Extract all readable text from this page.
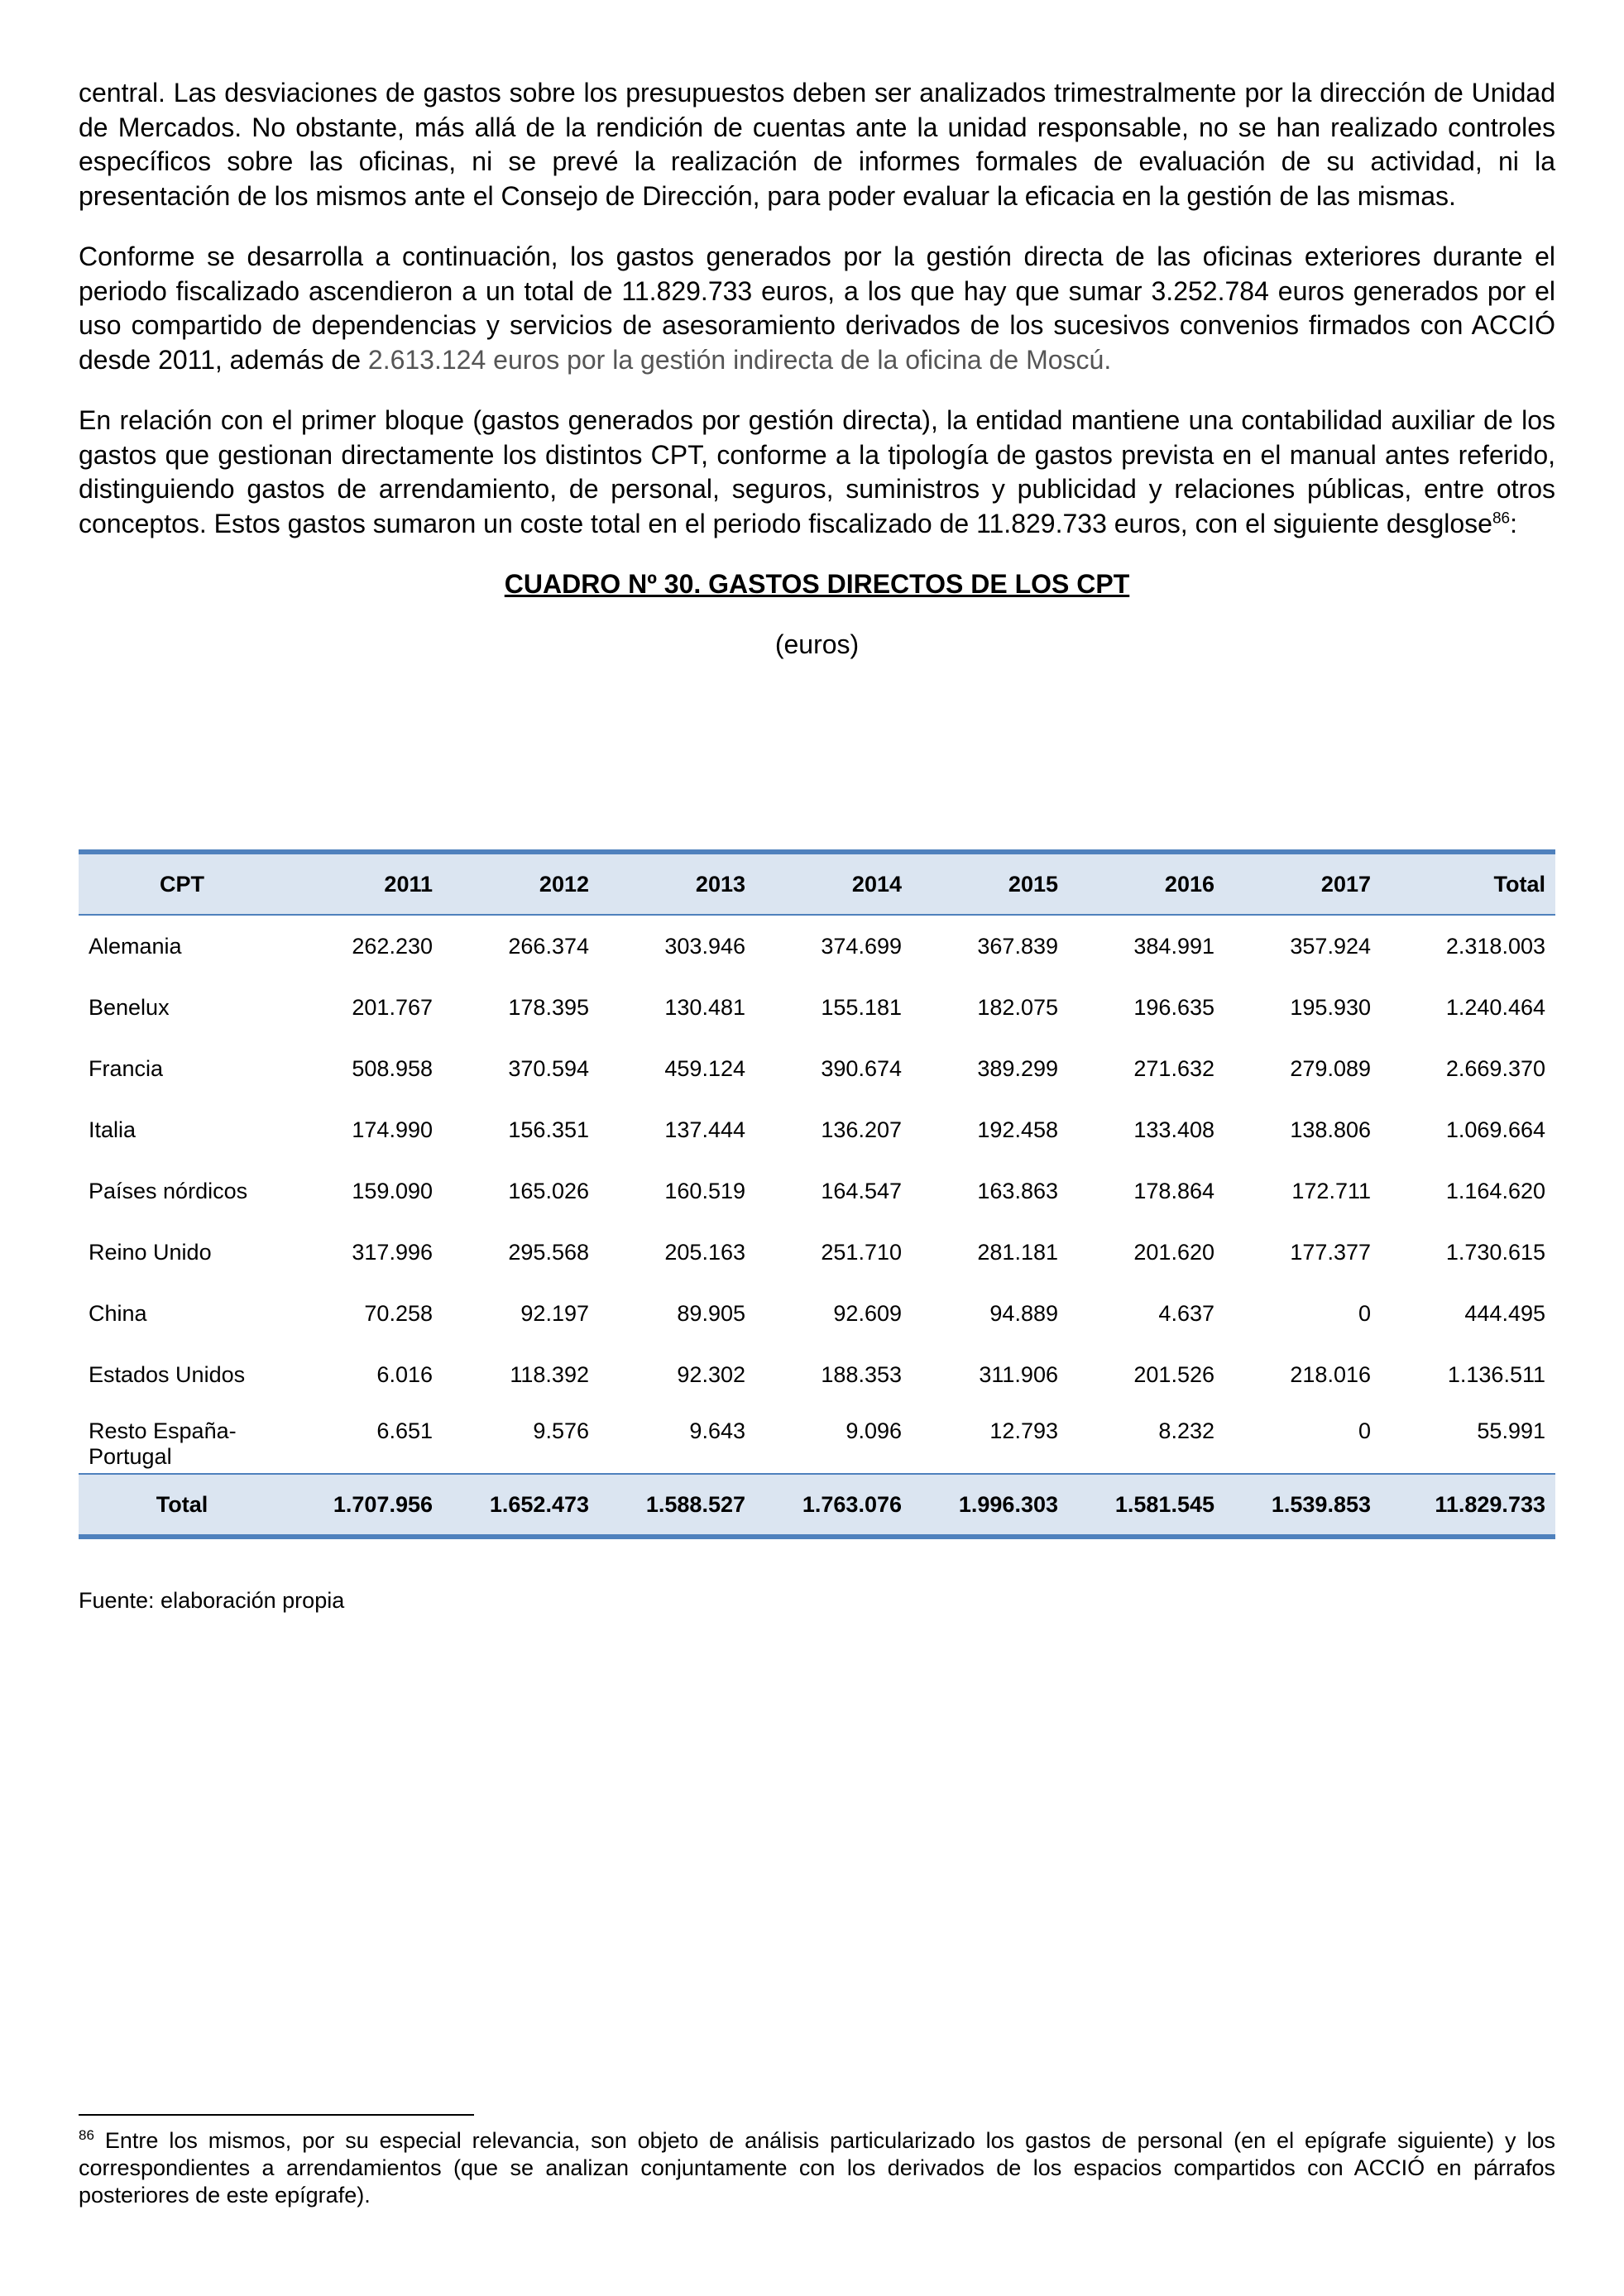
central. Las desviaciones de gastos sobre los presupuestos deben ser analizados trimestralmente por la dirección de Unidad de Mercados. No obstante, más allá de la rendición de cuentas ante la unidad responsable, no se han realizado controles específicos sobre las oficinas, ni se prevé la realización de informes formales de evaluación de su actividad, ni la presentación de los mismos ante el Consejo de Dirección, para poder evaluar la eficacia en la gestión de las mismas.

Conforme se desarrolla a continuación, los gastos generados por la gestión directa de las oficinas exteriores durante el periodo fiscalizado ascendieron a un total de 11.829.733 euros, a los que hay que sumar 3.252.784 euros generados por el uso compartido de dependencias y servicios de asesoramiento derivados de los sucesivos convenios firmados con ACCIÓ desde 2011, además de 2.613.124 euros por la gestión indirecta de la oficina de Moscú.

En relación con el primer bloque (gastos generados por gestión directa), la entidad mantiene una contabilidad auxiliar de los gastos que gestionan directamente los distintos CPT, conforme a la tipología de gastos prevista en el manual antes referido, distinguiendo gastos de arrendamiento, de personal, seguros, suministros y publicidad y relaciones públicas, entre otros conceptos. Estos gastos sumaron un coste total en el periodo fiscalizado de 11.829.733 euros, con el siguiente desglose$^{86}$:

CUADRO Nº 30. GASTOS DIRECTOS DE LOS CPT
(euros)
CPT	2011	2012	2013	2014	2015	2016	2017	Total
Alemania	262.230	266.374	303.946	374.699	367.839	384.991	357.924	2.318.003
Benelux	201.767	178.395	130.481	155.181	182.075	196.635	195.930	1.240.464
Francia	508.958	370.594	459.124	390.674	389.299	271.632	279.089	2.669.370
Italia	174.990	156.351	137.444	136.207	192.458	133.408	138.806	1.069.664
Países nórdicos	159.090	165.026	160.519	164.547	163.863	178.864	172.711	1.164.620
Reino Unido	317.996	295.568	205.163	251.710	281.181	201.620	177.377	1.730.615
China	70.258	92.197	89.905	92.609	94.889	4.637	0	444.495
Estados Unidos	6.016	118.392	92.302	188.353	311.906	201.526	218.016	1.136.511
Resto España-Portugal	6.651	9.576	9.643	9.096	12.793	8.232	0	55.991
Total	1.707.956	1.652.473	1.588.527	1.763.076	1.996.303	1.581.545	1.539.853	11.829.733
Fuente: elaboración propia
$^{86}$ Entre los mismos, por su especial relevancia, son objeto de análisis particularizado los gastos de personal (en el epígrafe siguiente) y los correspondientes a arrendamientos (que se analizan conjuntamente con los derivados de los espacios compartidos con ACCIÓ en párrafos posteriores de este epígrafe).
